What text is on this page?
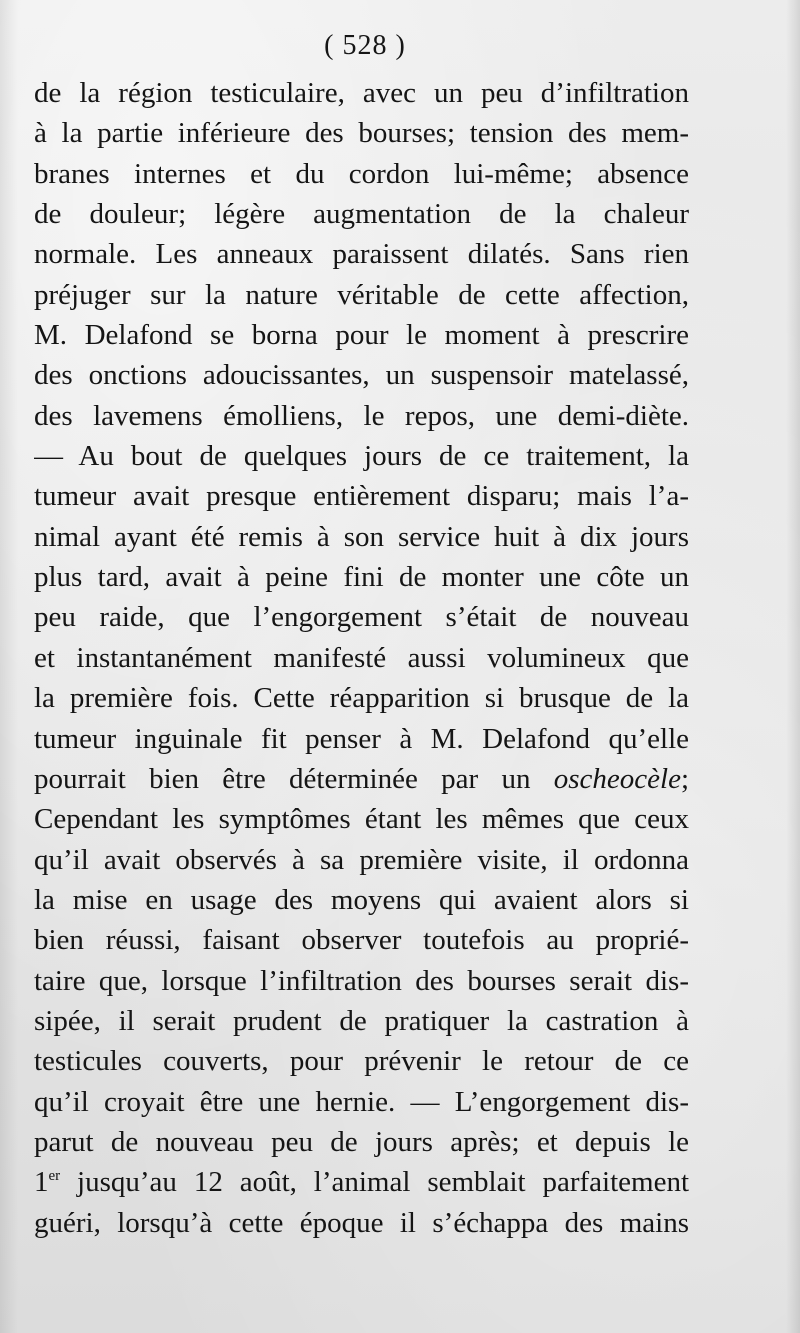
( 528 )
de la région testiculaire, avec un peu d’infiltration
à la partie inférieure des bourses; tension des mem-
branes internes et du cordon lui-même; absence
de douleur; légère augmentation de la chaleur
normale. Les anneaux paraissent dilatés. Sans rien
préjuger sur la nature véritable de cette affection,
M. Delafond se borna pour le moment à prescrire
des onctions adoucissantes, un suspensoir matelassé,
des lavemens émolliens, le repos, une demi-diète.
— Au bout de quelques jours de ce traitement, la
tumeur avait presque entièrement disparu; mais l’a-
nimal ayant été remis à son service huit à dix jours
plus tard, avait à peine fini de monter une côte un
peu raide, que l’engorgement s’était de nouveau
et instantanément manifesté aussi volumineux que
la première fois. Cette réapparition si brusque de la
tumeur inguinale fit penser à M. Delafond qu’elle
pourrait bien être déterminée par un oscheocèle;
Cependant les symptômes étant les mêmes que ceux
qu’il avait observés à sa première visite, il ordonna
la mise en usage des moyens qui avaient alors si
bien réussi, faisant observer toutefois au proprié-
taire que, lorsque l’infiltration des bourses serait dis-
sipée, il serait prudent de pratiquer la castration à
testicules couverts, pour prévenir le retour de ce
qu’il croyait être une hernie. — L’engorgement dis-
parut de nouveau peu de jours après; et depuis le
1er jusqu’au 12 août, l’animal semblait parfaitement
guéri, lorsqu’à cette époque il s’échappa des mains
